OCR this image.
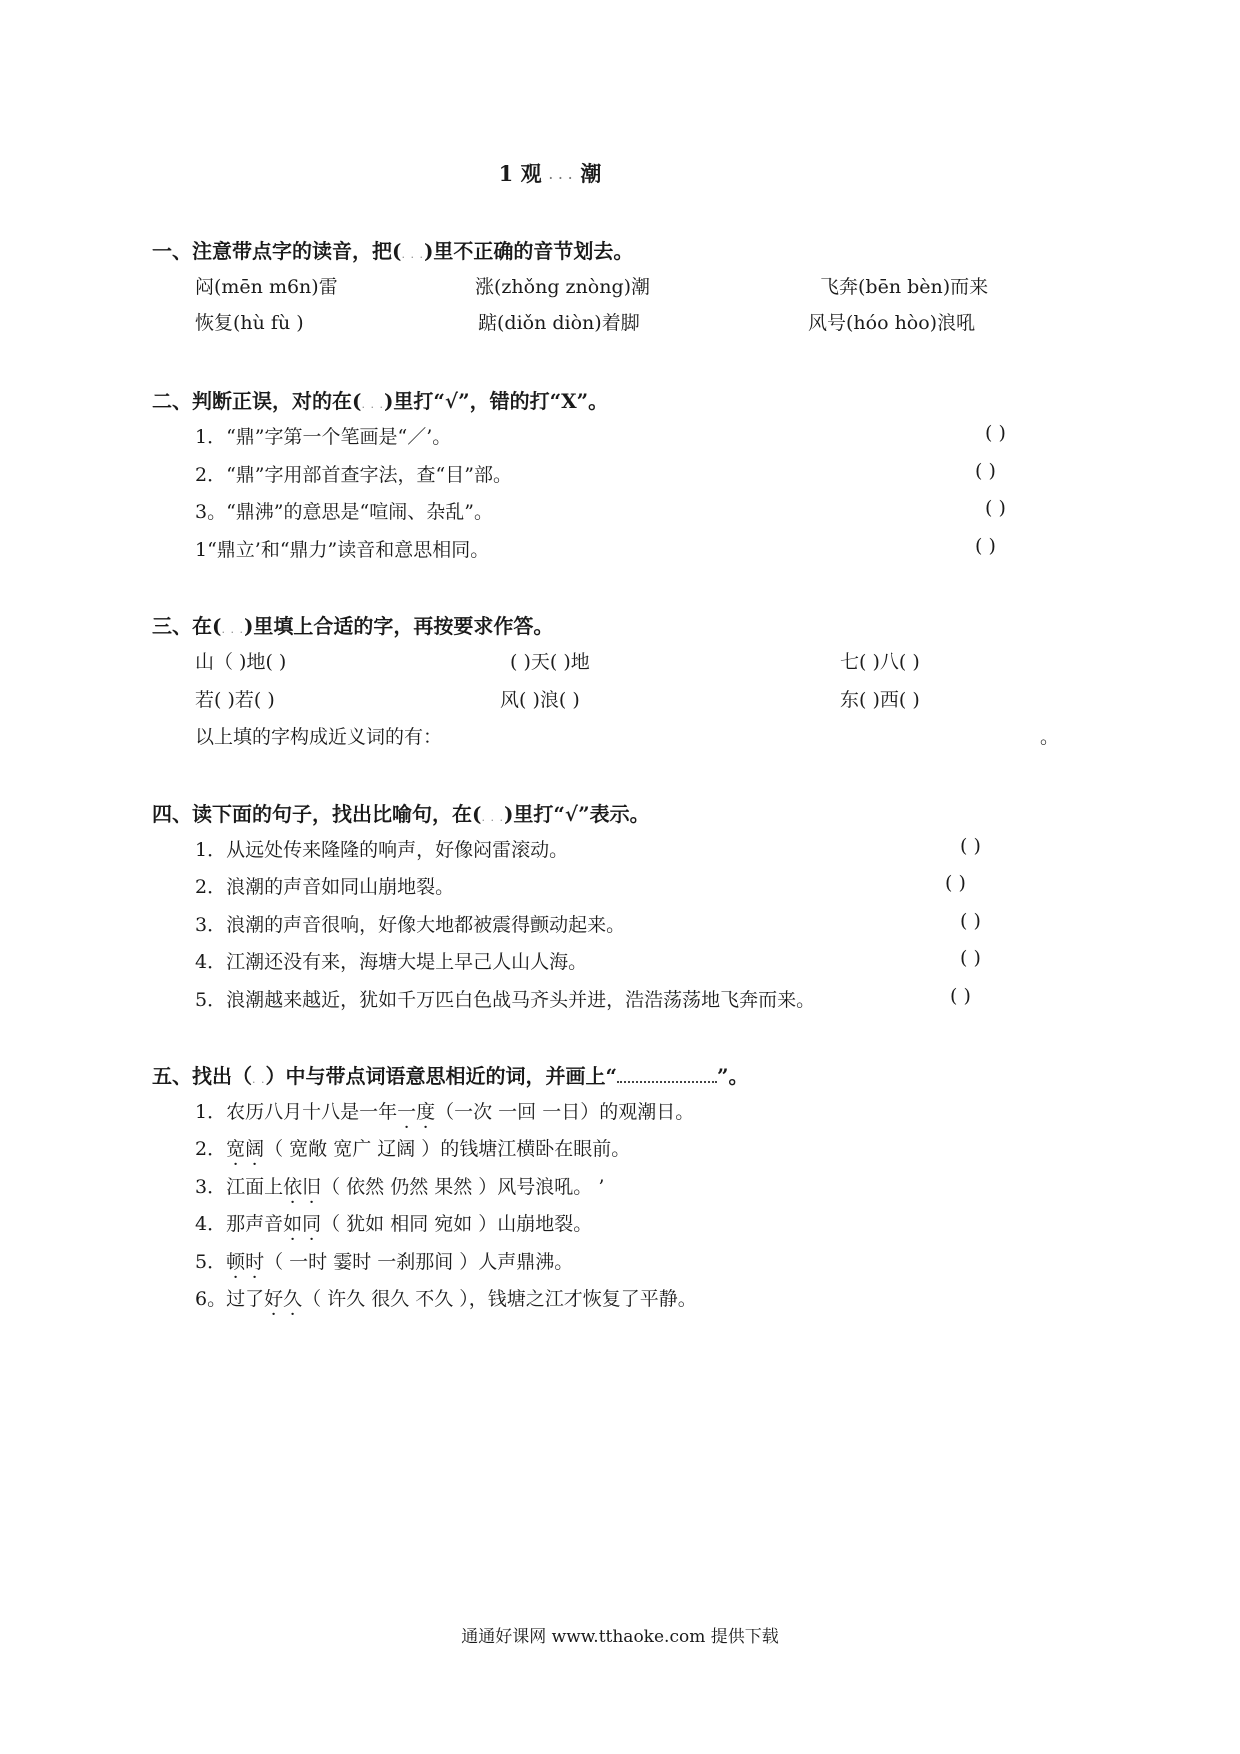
1 观 . . . 潮
一、注意带点字的读音，把(. . .)里不正确的音节划去。
闷(mēn m6n)雷	涨(zhǒng znòng)潮	飞奔(bēn bèn)而来
恢复(hù fù )	踮(diǒn diòn)着脚	风号(hóo hòo)浪吼
二、判断正误，对的在(. . .)里打“√”，错的打“X”。
1．“鼎”字第一个笔画是“／’。	( )
2．“鼎”字用部首查字法，查“目”部。	( )
3。“鼎沸”的意思是“喧闹、杂乱”。	( )
1“鼎立’和“鼎力”读音和意思相同。	( )
三、在(. . .)里填上合适的字，再按要求作答。
山（ )地( )	( )天( )地	七( )八( )
若( )若( )	风( )浪( )	东( )西( )
以上填的字构成近义词的有：	。
四、读下面的句子，找出比喻句，在(. . .)里打“√”表示。
1．从远处传来隆隆的响声，好像闷雷滚动。	( )
2．浪潮的声音如同山崩地裂。	( )
3．浪潮的声音很响，好像大地都被震得颤动起来。	( )
4．江潮还没有来，海塘大堤上早己人山人海。	( )
5．浪潮越来越近，犹如千万匹白色战马齐头并进，浩浩荡荡地飞奔而来。	( )
五、找出（. .）中与带点词语意思相近的词，并画上“	”。
1．农历八月十八是一年一度（一次 一回 一日）的观潮日。
2．宽阔（ 宽敞 宽广 辽阔 ）的钱塘江横卧在眼前。
3．江面上依旧（ 依然 仍然 果然 ）风号浪吼。 ’
4．那声音如同（ 犹如 相同 宛如 ）山崩地裂。
5．顿时（ 一时 霎时 一刹那间 ）人声鼎沸。
6。过了好久（ 许久 很久 不久 ），钱塘之江才恢复了平静。
通通好课网 www.tthaoke.com 提供下载
